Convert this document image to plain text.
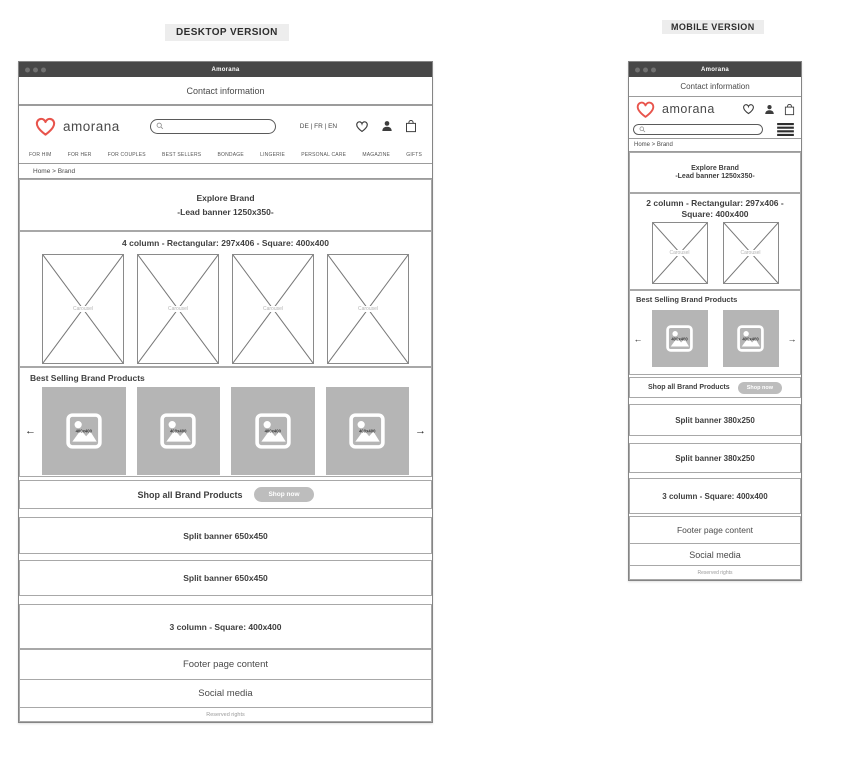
DESKTOP VERSION	MOBILE VERSION
Amorana
Contact information
amorana	DE | FR | EN
FOR HIM	FOR HER	FOR COUPLES	BEST SELLERS	BONDAGE	LINGERIE	PERSONAL CARE	MAGAZINE	GIFTS
Home > Brand
Explore Brand
-Lead banner 1250x350-
4 column - Rectangular: 297x406 - Square: 400x400
Carousel	Carousel	Carousel	Carousel
Best Selling Brand Products
←	400x400	400x400	400x400	400x400	→
Shop all Brand Products	Shop now
Split banner 650x450
Split banner 650x450
3 column - Square: 400x400
Footer page content
Social media
Reserved rights
Amorana
Contact information
amorana
Home > Brand
Explore Brand
-Lead banner 1250x350-
2 column - Rectangular: 297x406 - Square: 400x400
Carousel	Carousel
Best Selling Brand Products
←	400x400	400x400	→
Shop all Brand Products	Shop now
Split banner 380x250
Split banner 380x250
3 column - Square: 400x400
Footer page content
Social media
Reserved rights
